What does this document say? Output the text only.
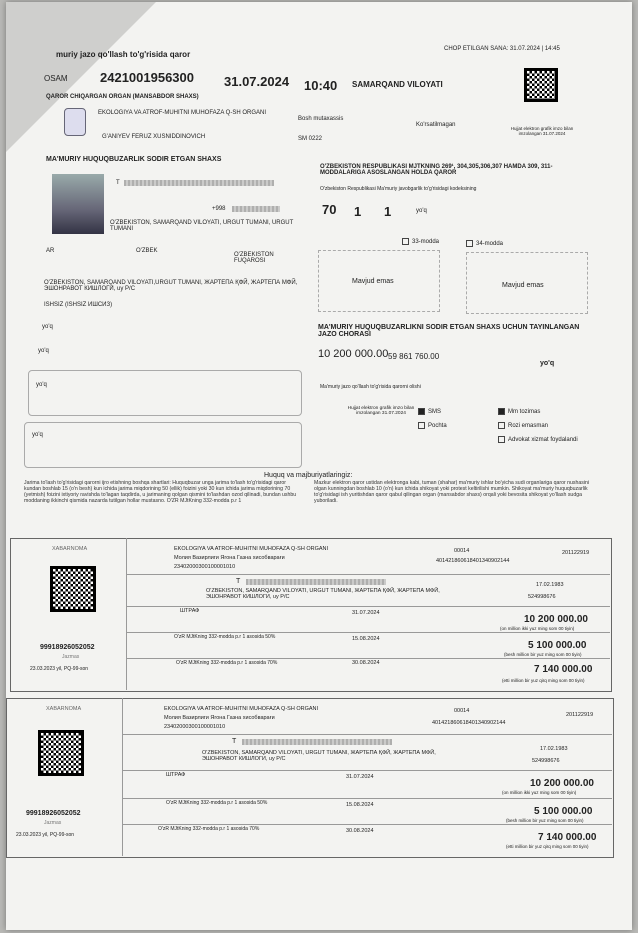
muriy jazo qo'llash to'g'risida qaror
CHOP ETILGAN SANA: 31.07.2024 | 14:45
OSAM 2421001956300 31.07.2024 10:40 SAMARQAND VILOYATI
QAROR CHIQARGAN ORGAN (MANSABDOR SHAXS)
EKOLOGIYA VA ATROF-MUHITNI MUHOFAZA Q-SH ORGANI
Bosh mutaxassis
Ko'rsatilmagan
G'ANIYEV FERUZ XUSNIDDINOVICH	SM 0222
Hujjat elektron grafik imzo bilan imzolangan 31.07.2024
MA'MURIY HUQUQBUZARLIK SODIR ETGAN SHAXS
T
+998
O'ZBEKISTON, SAMARQAND VILOYATI, URGUT TUMANI, URGUT TUMANI
AR	O'ZBEK
O'ZBEKISTON FUQAROSI
O'ZBEKISTON, SAMARQAND VILOYATI,URGUT TUMANI, ЖАРТЕПА ҚФЙ, ЖАРТЕПА МФЙ, ЭШОНРАВОТ КИШЛОГИ, uy P/C
ISHSIZ (ISHSIZ ИШСИЗ)
yo'q
yo'q
yo'q
yo'q
O'ZBEKISTON RESPUBLIKASI MJTKNING 269¹, 304,305,306,307 HAMDA 309, 311-MODDALARIGA ASOSLANGAN HOLDA QAROR
O'zbekiston Respublikasi Ma'muriy javobgarlik to'g'risidagi kodeksining
70 1 1	yo'q
33-modda	34-modda
Mavjud emas
Mavjud emas
MA'MURIY HUQUQBUZARLIKNI SODIR ETGAN SHAXS UCHUN TAYINLANGAN JAZO CHORASI
10 200 000.00 59 861 760.00
yo'q
Ma'muriy jazo qo'llash to'g'risida qarorni olishi
Hujjat elektron grafik imzo bilan imzolangan 31.07.2024	SMS
Pochta
Mm tozimas
Rozi emasman
Advokat xizmat foydalandi
Huquq va majburiyatlaringiz:
Jarima to'lash to'g'risidagi qarorni ijro etishning boshqa shartlari: Huquqbuzar unga jarima to'lash to'g'risidagi qaror kundan boshlab 15 (o'n besh) kun ichida jarima miqdorining 50 (ellik) foizini yoki 30 kun ichida jarima miqdorining 70 (yetmish) foizini ixtiyoriy ravishda to'lagan taqdirda, u jarimaning qolgan qismini to'lashdan ozod qilinadi, bundan ushbu moddaning ikkinchi qismida nazarda tutilgan hollar mustasno. O'ZR MJtKning 332-modda p.r 1
Mazkur elektron qaror ustidan elektronga kabi, tuman (shahar) ma'muriy ishlar bo'yicha sudi organlariga qaror nushasini olgan kunningdan boshlab 10 (o'n) kun ichida shikoyat yoki protest keltirilishi mumkin. Shikoyat ma'muriy huquqbuzarlik to'g'risidagi ish yuritishdan qaror qabul qilingan organ (mansabdor shaxs) orqali yoki bevosita shikoyat yo'llash sudga yuboriladi.
XABARNOMA
99918926052052
Jazmas
23.03.2023 yil, PQ-99-son
EKOLOGIYA VA ATROF-MUHITNI MUHOFAZA Q-SH ORGANI
Молия Вазирлиги Ягона Газна хисобварағи
23402000300100001010
00014	201122919
401421860618401340902144
T	17.02.1983
O'ZBEKISTON, SAMARQAND VILOYATI, URGUT TUMANI, ЖАРТЕПА ҚФЙ, ЖАРТЕПА МФЙ, ЭШОНРАВОТ КИШЛОГИ, uy P/C	524998676
ШТРАФ	31.07.2024
10 200 000.00
(on million ikki yuz ming som 00 tiyin)
O'zR MJtKning 332-modda p.r 1 asosida 50%	15.08.2024
5 100 000.00
(besh million bir yuz ming som 00 tiyin)
O'zR MJtKning 332-modda p.r 1 asosida 70%	30.08.2024
7 140 000.00
(etti million bir yuz qirq ming som 00 tiyin)
XABARNOMA
99918926052052
Jazmas
23.03.2023 yil, PQ-99-son
EKOLOGIYA VA ATROF-MUHITNI MUHOFAZA Q-SH ORGANI
Молия Вазирлиги Ягона Газна хисобварағи
23402000300100001010
00014
201122919
401421860618401340902144
T
17.02.1983
O'ZBEKISTON, SAMARQAND VILOYATI, URGUT TUMANI, ЖАРТЕПА ҚФЙ, ЖАРТЕПА МФЙ, ЭШОНРАВОТ КИШЛОГИ, uy P/C	524998676
ШТРАФ	31.07.2024
10 200 000.00
(on million ikki yuz ming som 00 tiyin)
O'zR MJtKning 332-modda p.r 1 asosida 50%	15.08.2024
5 100 000.00
(besh million bir yuz ming som 00 tiyin)
O'zR MJtKning 332-modda p.r 1 asosida 70%	30.08.2024
7 140 000.00
(etti million bir yuz qirq ming som 00 tiyin)
